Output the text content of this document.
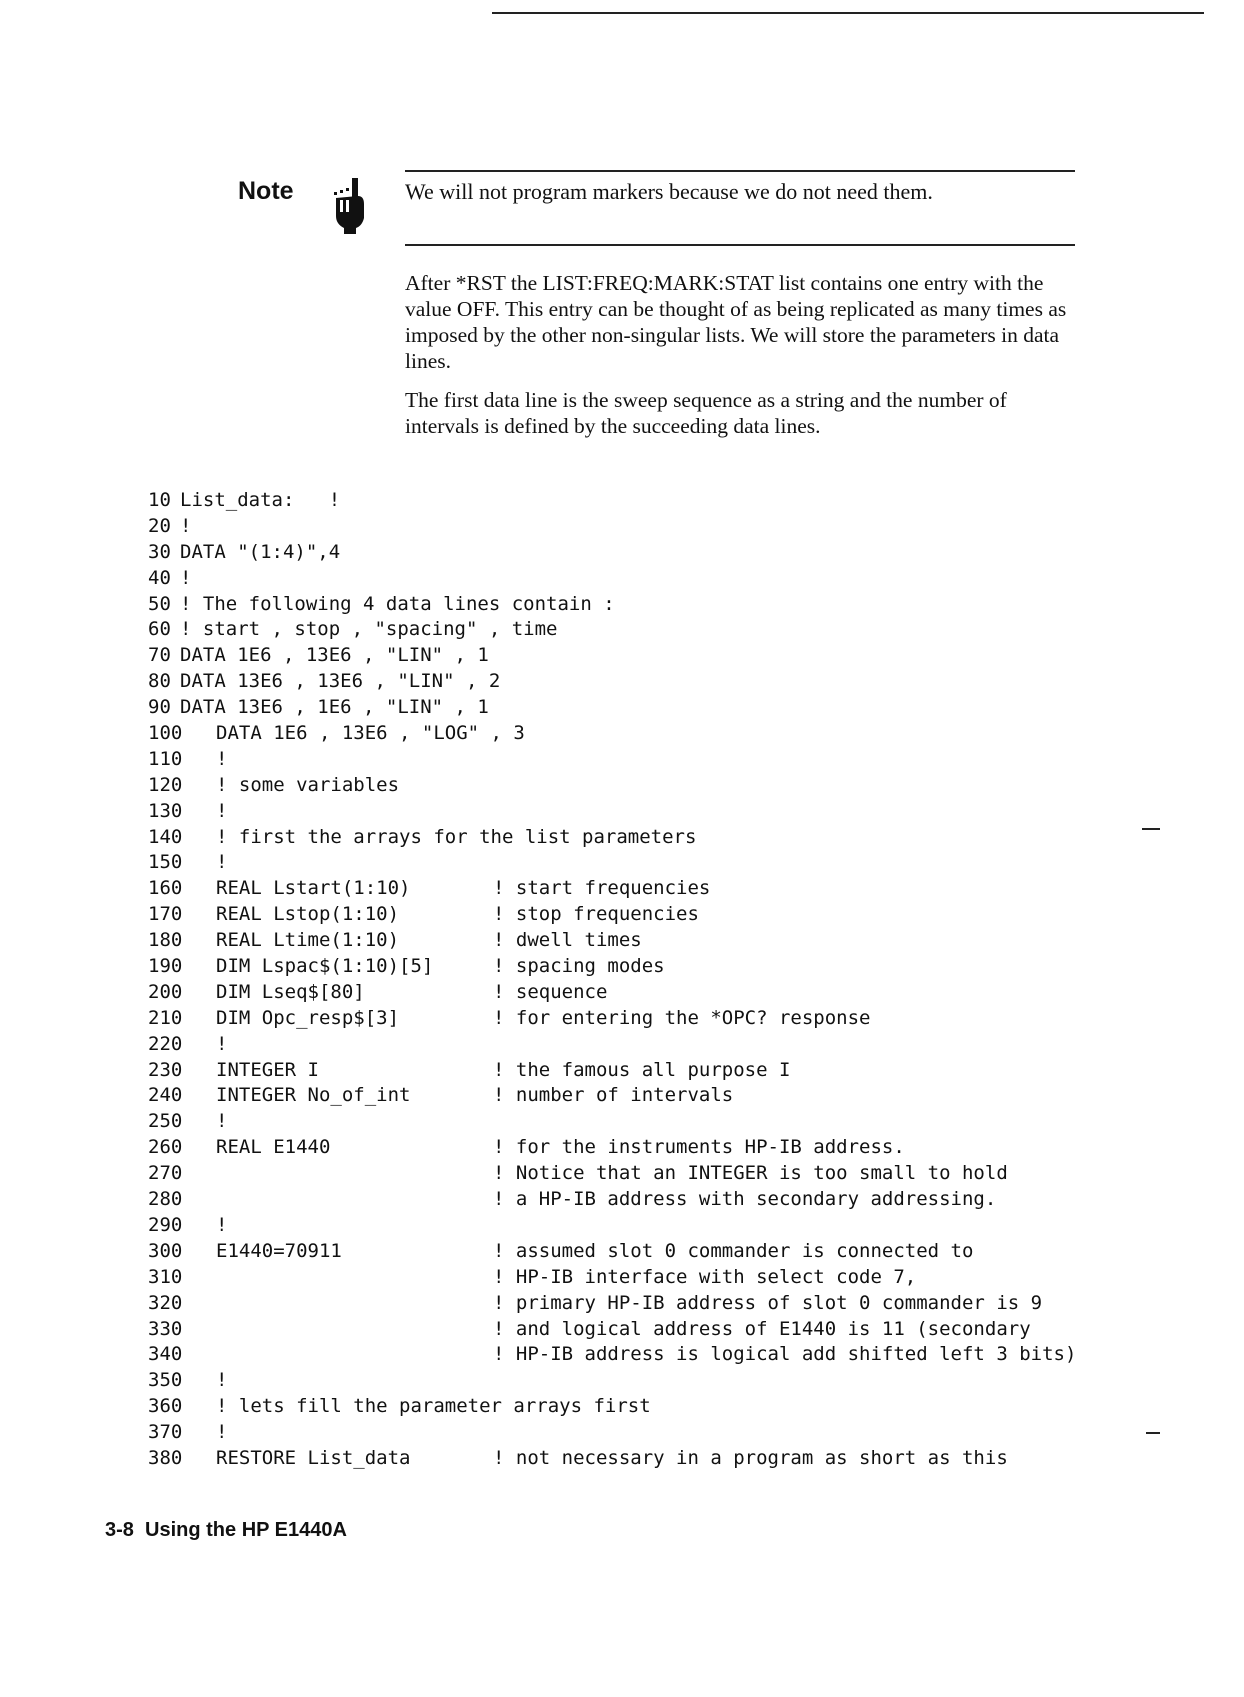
Note	We will not program markers because we do not need them.

After *RST the LIST:FREQ:MARK:STAT list contains one entry with the value OFF. This entry can be thought of as being replicated as many times as imposed by the other non-singular lists. We will store the parameters in data lines.

The first data line is the sweep sequence as a string and the number of intervals is defined by the succeeding data lines.

10 List_data:   !
20 !
30 DATA "(1:4)",4
40 !
50 ! The following 4 data lines contain :
60 ! start , stop , "spacing" , time
70 DATA 1E6 , 13E6 , "LIN" , 1
80 DATA 13E6 , 13E6 , "LIN" , 2
90 DATA 13E6 , 1E6 , "LIN" , 1
100 DATA 1E6 , 13E6 , "LOG" , 3
110 !
120 ! some variables
130 !
140 ! first the arrays for the list parameters
150 !
160 REAL Lstart(1:10)	! start frequencies
170 REAL Lstop(1:10)	! stop frequencies
180 REAL Ltime(1:10)	! dwell times
190 DIM Lspac$(1:10)[5]	! spacing modes
200 DIM Lseq$[80]	! sequence
210 DIM Opc_resp$[3]	! for entering the *OPC? response
220 !
230 INTEGER I	! the famous all purpose I
240 INTEGER No_of_int	! number of intervals
250 !
260 REAL E1440	! for the instruments HP-IB address.
270	! Notice that an INTEGER is too small to hold
280	! a HP-IB address with secondary addressing.
290 !
300 E1440=70911	! assumed slot 0 commander is connected to
310	! HP-IB interface with select code 7,
320	! primary HP-IB address of slot 0 commander is 9
330	! and logical address of E1440 is 11 (secondary
340	! HP-IB address is logical add shifted left 3 bits)
350 !
360 ! lets fill the parameter arrays first
370 !
380 RESTORE List_data	! not necessary in a program as short as this
3-8 Using the HP E1440A
